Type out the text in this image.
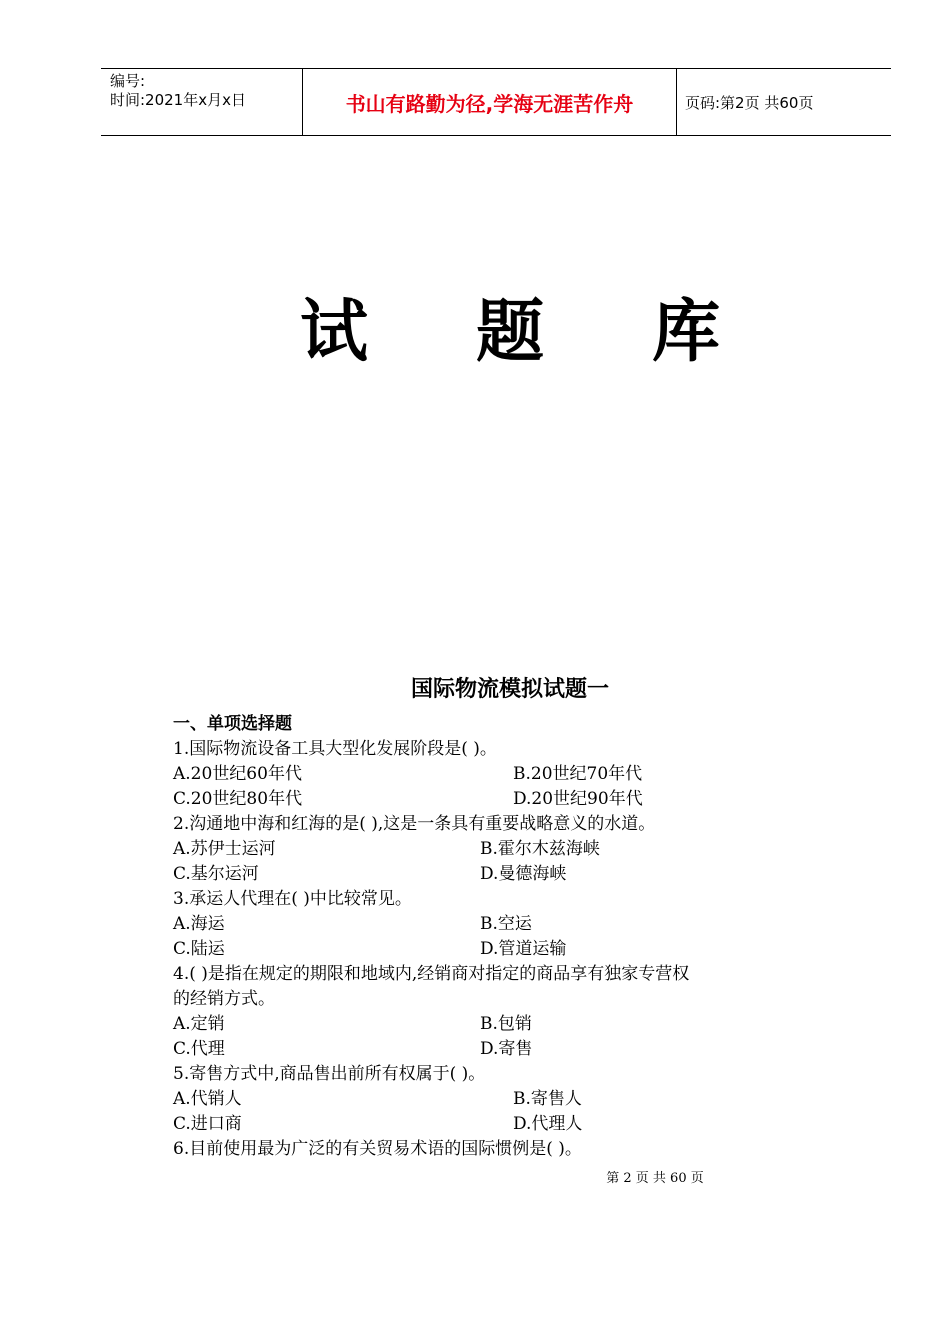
编号:
时间:2021年x月x日	书山有路勤为径,学海无涯苦作舟	页码:第2页 共60页
试 题 库
国际物流模拟试题一
一、单项选择题
1.国际物流设备工具大型化发展阶段是( )。
A.20世纪60年代	B.20世纪70年代
C.20世纪80年代	D.20世纪90年代
2.沟通地中海和红海的是( ),这是一条具有重要战略意义的水道。
A.苏伊士运河	B.霍尔木兹海峡
C.基尔运河	D.曼德海峡
3.承运人代理在( )中比较常见。
A.海运	B.空运
C.陆运	D.管道运输
4.( )是指在规定的期限和地域内,经销商对指定的商品享有独家专营权
的经销方式。
A.定销	B.包销
C.代理	D.寄售
5.寄售方式中,商品售出前所有权属于( )。
A.代销人	B.寄售人
C.进口商	D.代理人
6.目前使用最为广泛的有关贸易术语的国际惯例是( )。
第 2 页 共 60 页
